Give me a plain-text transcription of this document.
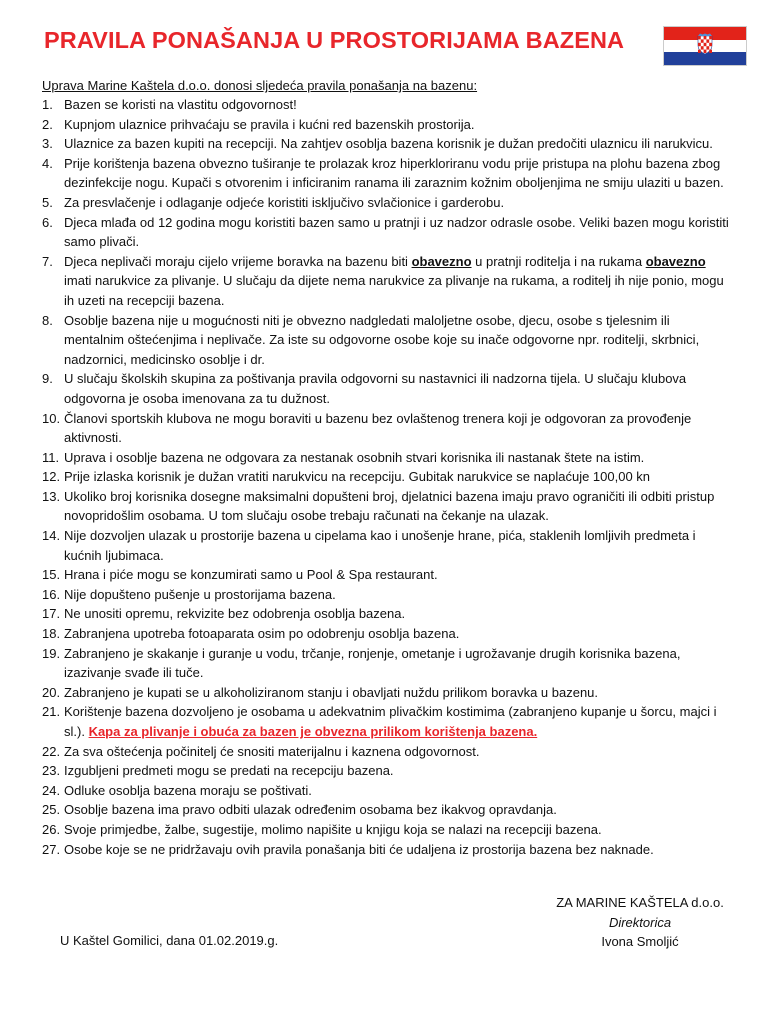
PRAVILA PONAŠANJA U PROSTORIJAMA BAZENA

Uprava Marine Kaštela d.o.o. donosi sljedeća pravila ponašanja na bazenu:

1. Bazen se koristi na vlastitu odgovornost!
2. Kupnjom ulaznice prihvaćaju se pravila i kućni red bazenskih prostorija.
3. Ulaznice za bazen kupiti na recepciji. Na zahtjev osoblja bazena korisnik je dužan predočiti ulaznicu ili narukvicu.
4. Prije korištenja bazena obvezno tuširanje te prolazak kroz hiperkloriranu vodu prije pristupa na plohu bazena zbog dezinfekcije nogu. Kupači s otvorenim i inficiranim ranama ili zaraznim kožnim oboljenjima ne smiju ulaziti u bazen.
5. Za presvlačenje i odlaganje odjeće koristiti isključivo svlačionice i garderobu.
6. Djeca mlađa od 12 godina mogu koristiti bazen samo u pratnji i uz nadzor odrasle osobe. Veliki bazen mogu koristiti samo plivači.
7. Djeca neplivači moraju cijelo vrijeme boravka na bazenu biti obavezno u pratnji roditelja i na rukama obavezno imati narukvice za plivanje. U slučaju da dijete nema narukvice za plivanje na rukama, a roditelj ih nije ponio, mogu ih uzeti na recepciji bazena.
8. Osoblje bazena nije u mogućnosti niti je obvezno nadgledati maloljetne osobe, djecu, osobe s tjelesnim ili mentalnim oštećenjima i neplivače. Za iste su odgovorne osobe koje su inače odgovorne npr. roditelji, skrbnici, nadzornici, medicinsko osoblje i dr.
9. U slučaju školskih skupina za poštivanja pravila odgovorni su nastavnici ili nadzorna tijela. U slučaju klubova odgovorna je osoba imenovana za tu dužnost.
10. Članovi sportskih klubova ne mogu boraviti u bazenu bez ovlaštenog trenera koji je odgovoran za provođenje aktivnosti.
11. Uprava i osoblje bazena ne odgovara za nestanak osobnih stvari korisnika ili nastanak štete na istim.
12. Prije izlaska korisnik je dužan vratiti narukvicu na recepciju. Gubitak narukvice se naplaćuje 100,00 kn
13. Ukoliko broj korisnika dosegne maksimalni dopušteni broj, djelatnici bazena imaju pravo ograničiti ili odbiti pristup novopridošlim osobama. U tom slučaju osobe trebaju računati na čekanje na ulazak.
14. Nije dozvoljen ulazak u prostorije bazena u cipelama kao i unošenje hrane, pića, staklenih lomljivih predmeta i kućnih ljubimaca.
15. Hrana i piće mogu se konzumirati samo u Pool & Spa restaurant.
16. Nije dopušteno pušenje u prostorijama bazena.
17. Ne unositi opremu, rekvizite bez odobrenja osoblja bazena.
18. Zabranjena upotreba fotoaparata osim po odobrenju osoblja bazena.
19. Zabranjeno je skakanje i guranje u vodu, trčanje, ronjenje, ometanje i ugrožavanje drugih korisnika bazena, izazivanje svađe ili tuče.
20. Zabranjeno je kupati se u alkoholiziranom stanju i obavljati nuždu prilikom boravka u bazenu.
21. Korištenje bazena dozvoljeno je osobama u adekvatnim plivačkim kostimima (zabranjeno kupanje u šorcu, majci i sl.). Kapa za plivanje i obuća za bazen je obvezna prilikom korištenja bazena.
22. Za sva oštećenja počinitelj će snositi materijalnu i kaznena odgovornost.
23. Izgubljeni predmeti mogu se predati na recepciju bazena.
24. Odluke osoblja bazena moraju se poštivati.
25. Osoblje bazena ima pravo odbiti ulazak određenim osobama bez ikakvog opravdanja.
26. Svoje primjedbe, žalbe, sugestije, molimo napišite u knjigu koja se nalazi na recepciji bazena.
27. Osobe koje se ne pridržavaju ovih pravila ponašanja biti će udaljena iz prostorija bazena bez naknade.
ZA MARINE KAŠTELA d.o.o.
Direktorica
Ivona Smoljić
U Kaštel Gomilici, dana 01.02.2019.g.
